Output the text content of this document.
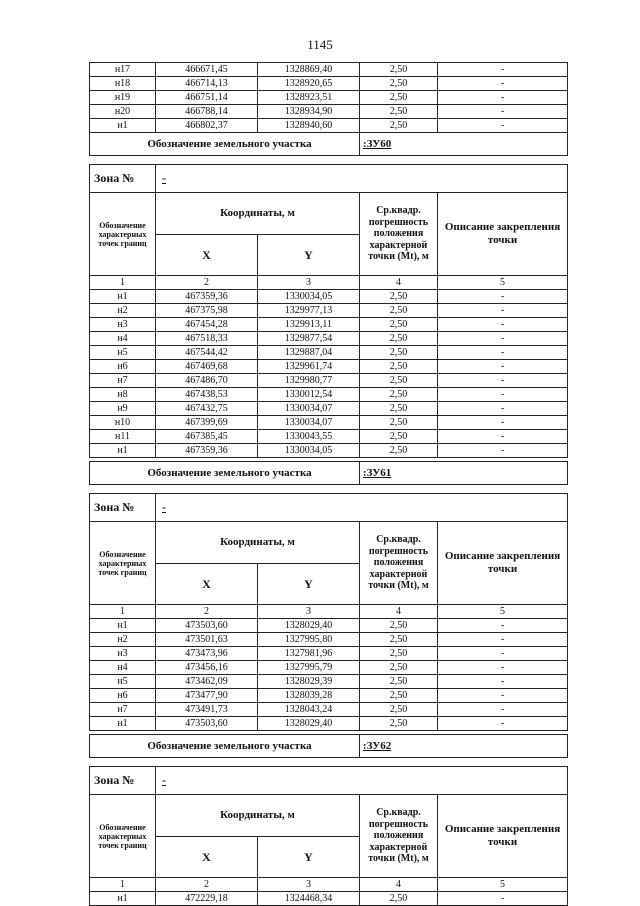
1145
н17	466671,45	1328869,40	2,50	-
н18	466714,13	1328920,65	2,50	-
н19	466751,14	1328923,51	2,50	-
н20	466788,14	1328934,90	2,50	-
н1	466802,37	1328940,60	2,50	-
Обозначение земельного участка			:ЗУ60	

Зона №	-			
Обозначение характерных точек границ	Координаты, м		Ср.квадр. погрешность положения характерной точки (Mt), м	Описание закрепления точки
	X	Y		
1	2	3	4	5
н1	467359,36	1330034,05	2,50	-
н2	467375,98	1329977,13	2,50	-
н3	467454,28	1329913,11	2,50	-
н4	467518,33	1329877,54	2,50	-
н5	467544,42	1329887,04	2,50	-
н6	467469,68	1329961,74	2,50	-
н7	467486,70	1329980,77	2,50	-
н8	467438,53	1330012,54	2,50	-
н9	467432,75	1330034,07	2,50	-
н10	467399,69	1330034,07	2,50	-
н11	467385,45	1330043,55	2,50	-
н1	467359,36	1330034,05	2,50	-

Обозначение земельного участка			:ЗУ61	

Зона №	-			
Обозначение характерных точек границ	Координаты, м		Ср.квадр. погрешность положения характерной точки (Mt), м	Описание закрепления точки
	X	Y		
1	2	3	4	5
н1	473503,60	1328029,40	2,50	-
н2	473501,63	1327995,80	2,50	-
н3	473473,96	1327981,96	2,50	-
н4	473456,16	1327995,79	2,50	-
н5	473462,09	1328029,39	2,50	-
н6	473477,90	1328039,28	2,50	-
н7	473491,73	1328043,24	2,50	-
н1	473503,60	1328029,40	2,50	-

Обозначение земельного участка			:ЗУ62	

Зона №	-			
Обозначение характерных точек границ	Координаты, м		Ср.квадр. погрешность положения характерной точки (Mt), м	Описание закрепления точки
	X	Y		
1	2	3	4	5
н1	472229,18	1324468,34	2,50	-
